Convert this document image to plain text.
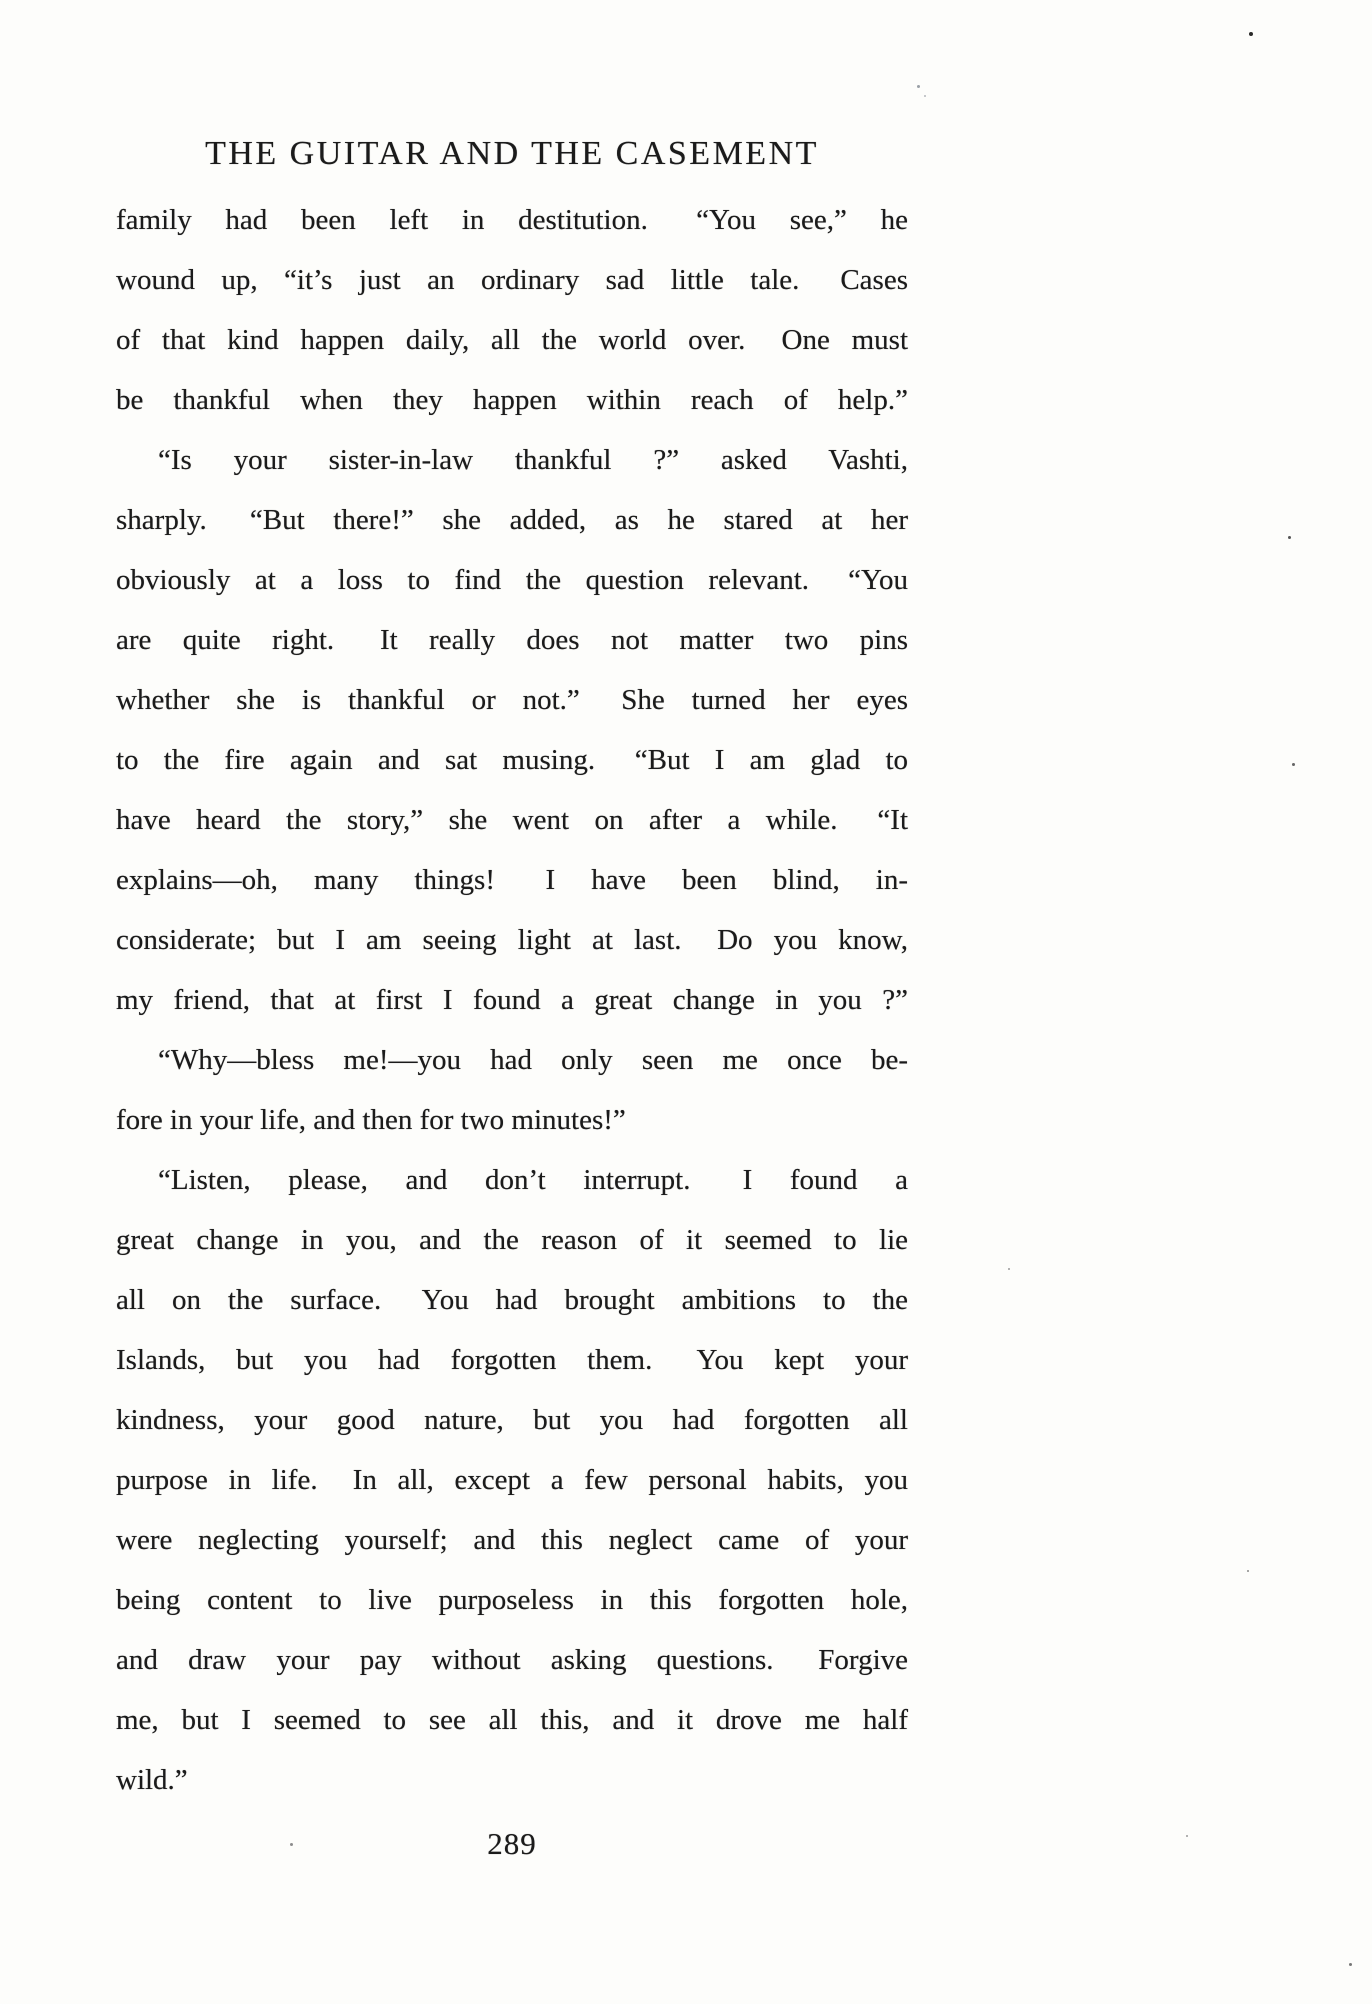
THE GUITAR AND THE CASEMENT
family had been left in destitution.  “You see,” he
wound up, “it’s just an ordinary sad little tale.  Cases
of that kind happen daily, all the world over.  One must
be thankful when they happen within reach of help.”
“Is your sister-in-law thankful ?” asked Vashti,
sharply.  “But there!” she added, as he stared at her
obviously at a loss to find the question relevant.  “You
are quite right.  It really does not matter two pins
whether she is thankful or not.”  She turned her eyes
to the fire again and sat musing.  “But I am glad to
have heard the story,” she went on after a while.  “It
explains—oh, many things!  I have been blind, in-
considerate; but I am seeing light at last.  Do you know,
my friend, that at first I found a great change in you ?”
“Why—bless me!—you had only seen me once be-
fore in your life, and then for two minutes!”
“Listen, please, and don’t interrupt.  I found a
great change in you, and the reason of it seemed to lie
all on the surface.  You had brought ambitions to the
Islands, but you had forgotten them.  You kept your
kindness, your good nature, but you had forgotten all
purpose in life.  In all, except a few personal habits, you
were neglecting yourself; and this neglect came of your
being content to live purposeless in this forgotten hole,
and draw your pay without asking questions.  Forgive
me, but I seemed to see all this, and it drove me half
wild.”
289
